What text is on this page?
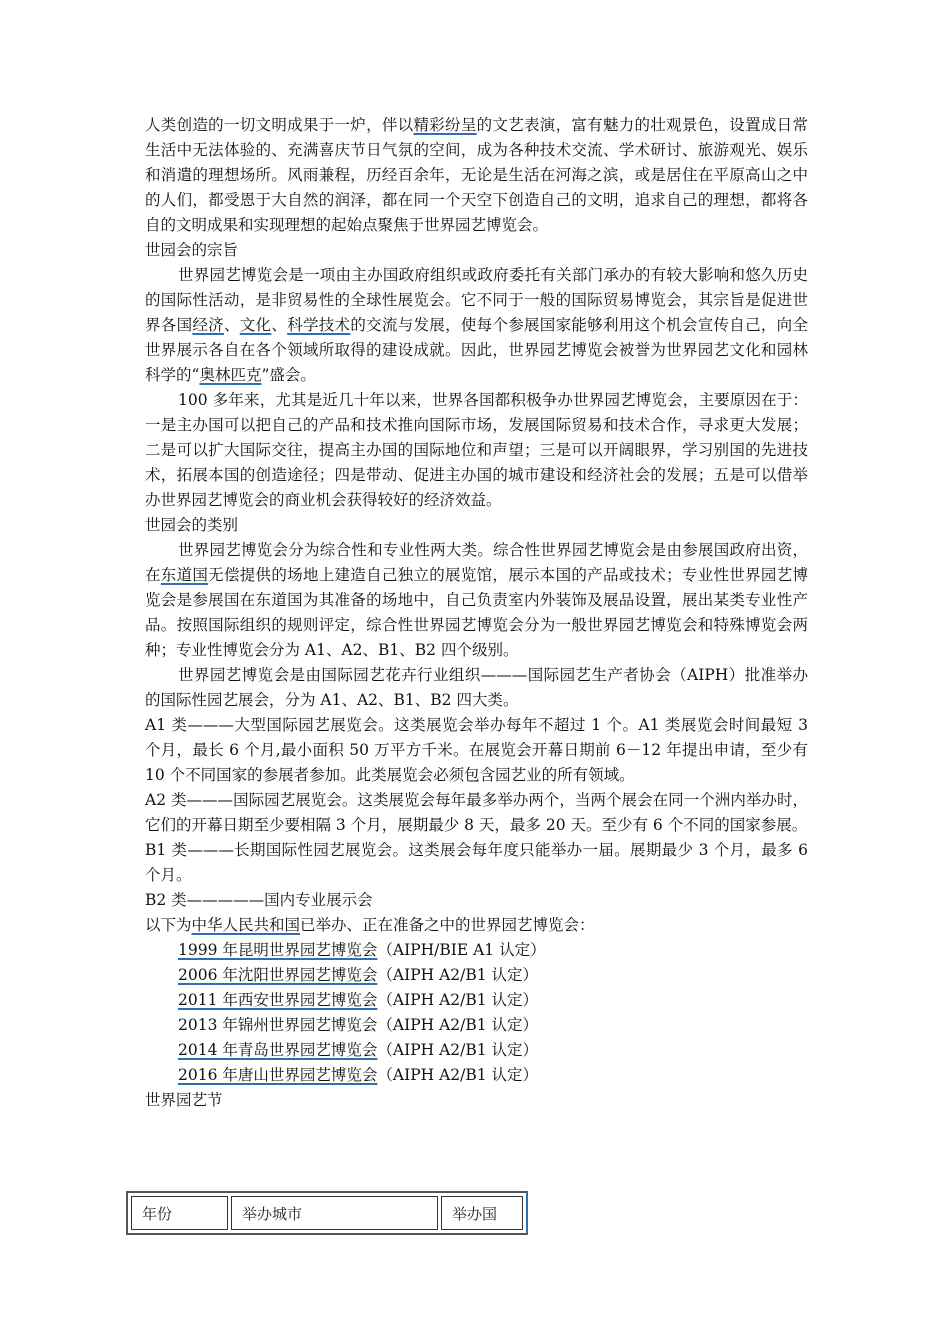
人类创造的一切文明成果于一炉，伴以精彩纷呈的文艺表演，富有魅力的壮观景色，设置成日常生活中无法体验的、充满喜庆节日气氛的空间，成为各种技术交流、学术研讨、旅游观光、娱乐和消遣的理想场所。风雨兼程，历经百余年，无论是生活在河海之滨，或是居住在平原高山之中的人们，都受恩于大自然的润泽，都在同一个天空下创造自己的文明，追求自己的理想，都将各自的文明成果和实现理想的起始点聚焦于世界园艺博览会。

世园会的宗旨

世界园艺博览会是一项由主办国政府组织或政府委托有关部门承办的有较大影响和悠久历史的国际性活动，是非贸易性的全球性展览会。它不同于一般的国际贸易博览会，其宗旨是促进世界各国经济、文化、科学技术的交流与发展，使每个参展国家能够利用这个机会宣传自己，向全世界展示各自在各个领域所取得的建设成就。因此，世界园艺博览会被誉为世界园艺文化和园林科学的“奥林匹克”盛会。

100 多年来，尤其是近几十年以来，世界各国都积极争办世界园艺博览会，主要原因在于：一是主办国可以把自己的产品和技术推向国际市场，发展国际贸易和技术合作，寻求更大发展；二是可以扩大国际交往，提高主办国的国际地位和声望；三是可以开阔眼界，学习别国的先进技术，拓展本国的创造途径；四是带动、促进主办国的城市建设和经济社会的发展；五是可以借举办世界园艺博览会的商业机会获得较好的经济效益。

世园会的类别

世界园艺博览会分为综合性和专业性两大类。综合性世界园艺博览会是由参展国政府出资，在东道国无偿提供的场地上建造自己独立的展览馆，展示本国的产品或技术；专业性世界园艺博览会是参展国在东道国为其准备的场地中，自己负责室内外装饰及展品设置，展出某类专业性产品。按照国际组织的规则评定，综合性世界园艺博览会分为一般世界园艺博览会和特殊博览会两种；专业性博览会分为 A1、A2、B1、B2 四个级别。

世界园艺博览会是由国际园艺花卉行业组织———国际园艺生产者协会（AIPH）批准举办的国际性园艺展会，分为 A1、A2、B1、B2 四大类。

A1 类———大型国际园艺展览会。这类展览会举办每年不超过 1 个。A1 类展览会时间最短 3 个月，最长 6 个月,最小面积 50 万平方千米。在展览会开幕日期前 6－12 年提出申请，至少有 10 个不同国家的参展者参加。此类展览会必须包含园艺业的所有领域。

A2 类———国际园艺展览会。这类展览会每年最多举办两个，当两个展会在同一个洲内举办时，它们的开幕日期至少要相隔 3 个月，展期最少 8 天，最多 20 天。至少有 6 个不同的国家参展。

B1 类———长期国际性园艺展览会。这类展会每年度只能举办一届。展期最少 3 个月，最多 6 个月。

B2 类—————国内专业展示会

以下为中华人民共和国已举办、正在准备之中的世界园艺博览会：

1999 年昆明世界园艺博览会（AIPH/BIE A1 认定）

2006 年沈阳世界园艺博览会（AIPH A2/B1 认定）

2011 年西安世界园艺博览会（AIPH A2/B1 认定）

2013 年锦州世界园艺博览会（AIPH A2/B1 认定）

2014 年青岛世界园艺博览会（AIPH A2/B1 认定）

2016 年唐山世界园艺博览会（AIPH A2/B1 认定）

世界园艺节

年份	举办城市	举办国
